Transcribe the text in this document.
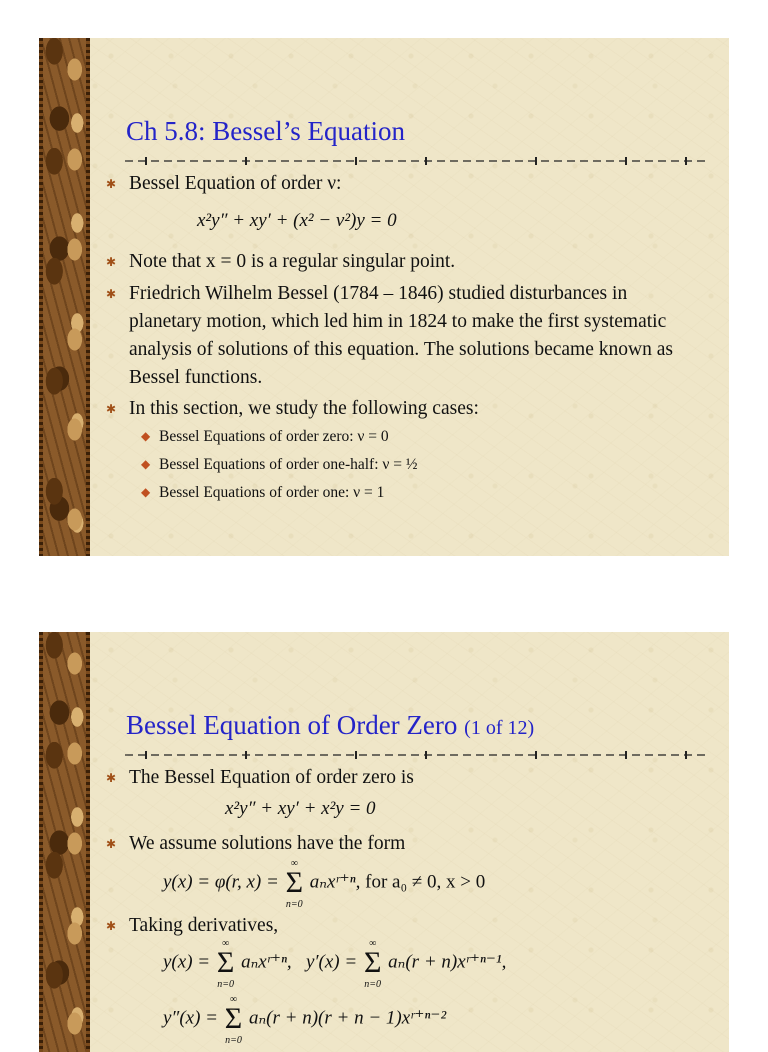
Ch 5.8: Bessel’s Equation
✱ Bessel Equation of order ν:
x²y″ + xy′ + (x² − ν²)y = 0
✱ Note that x = 0 is a regular singular point.
✱ Friedrich Wilhelm Bessel (1784 – 1846) studied disturbances in planetary motion, which led him in 1824 to make the first systematic analysis of solutions of this equation. The solutions became known as Bessel functions.
✱ In this section, we study the following cases:
◆ Bessel Equations of order zero: ν = 0
◆ Bessel Equations of order one-half: ν = ½
◆ Bessel Equations of order one: ν = 1
Bessel Equation of Order Zero (1 of 12)
✱ The Bessel Equation of order zero is
x²y″ + xy′ + x²y = 0
✱ We assume solutions have the form
y(x) = φ(r, x) =
∞
Σ
n=0
aₙxʳ⁺ⁿ, for a₀ ≠ 0, x > 0
✱ Taking derivatives,
y(x) =
∞
Σ
n=0
aₙxʳ⁺ⁿ, y′(x) =
∞
Σ
n=0
aₙ(r + n)xʳ⁺ⁿ⁻¹,
y″(x) =
∞
Σ
n=0
aₙ(r + n)(r + n − 1)xʳ⁺ⁿ⁻²
